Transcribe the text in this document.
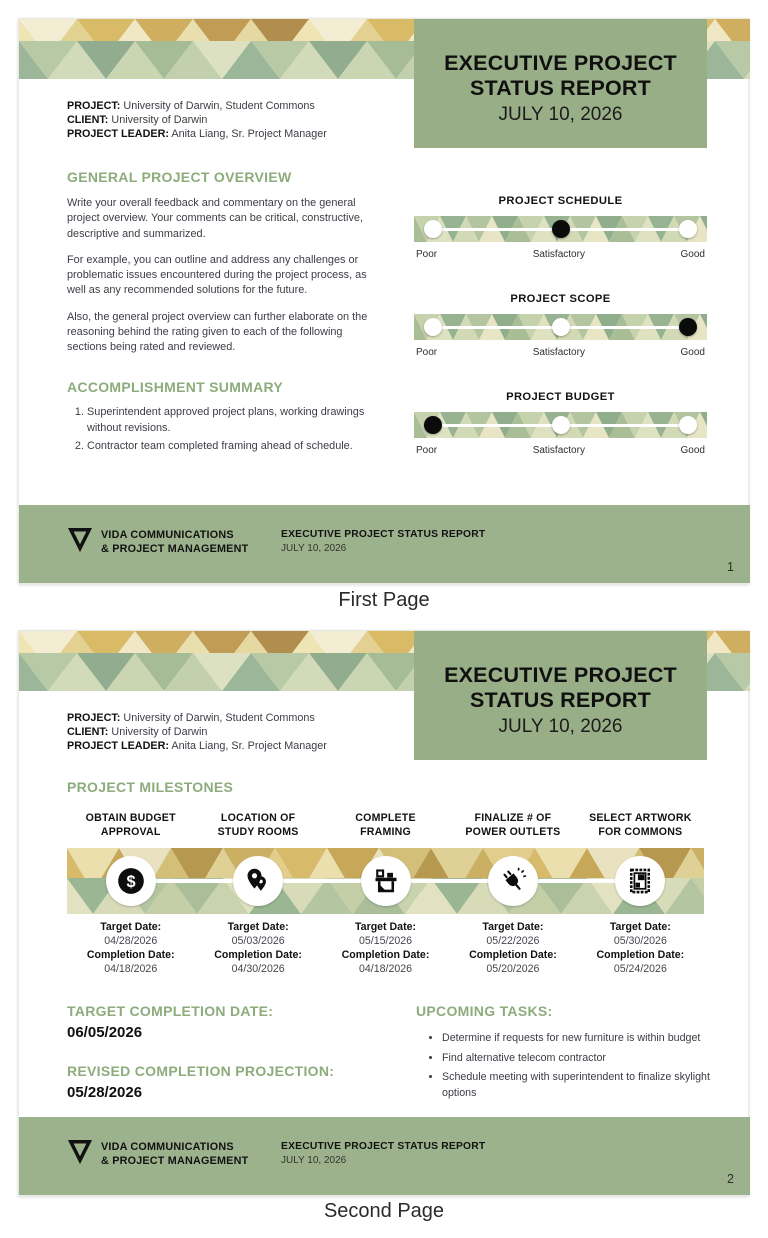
EXECUTIVE PROJECT STATUS REPORT
JULY 10, 2026
PROJECT: University of Darwin, Student Commons
CLIENT: University of Darwin
PROJECT LEADER: Anita Liang, Sr. Project Manager
GENERAL PROJECT OVERVIEW

Write your overall feedback and commentary on the general project overview. Your comments can be critical, constructive, descriptive and summarized.

For example, you can outline and address any challenges or problematic issues encountered during the project process, as well as any recommended solutions for the future.

Also, the general project overview can further elaborate on the reasoning behind the rating given to each of the following sections being rated and reviewed.

ACCOMPLISHMENT SUMMARY
1. Superintendent approved project plans, working drawings without revisions.
2. Contractor team completed framing ahead of schedule.
PROJECT SCHEDULE
Poor	Satisfactory	Good
PROJECT SCOPE
Poor	Satisfactory	Good
PROJECT BUDGET
Poor	Satisfactory	Good
VIDA COMMUNICATIONS
& PROJECT MANAGEMENT
EXECUTIVE PROJECT STATUS REPORT
JULY 10, 2026
1
First Page
EXECUTIVE PROJECT STATUS REPORT
JULY 10, 2026
PROJECT: University of Darwin, Student Commons
CLIENT: University of Darwin
PROJECT LEADER: Anita Liang, Sr. Project Manager
PROJECT MILESTONES
OBTAIN BUDGET APPROVAL
LOCATION OF STUDY ROOMS
COMPLETE FRAMING
FINALIZE # OF POWER OUTLETS
SELECT ARTWORK FOR COMMONS
$
Target Date:
04/28/2026
Completion Date:
04/18/2026
Target Date:
05/03/2026
Completion Date:
04/30/2026
Target Date:
05/15/2026
Completion Date:
04/18/2026
Target Date:
05/22/2026
Completion Date:
05/20/2026
Target Date:
05/30/2026
Completion Date:
05/24/2026
TARGET COMPLETION DATE:
06/05/2026
REVISED COMPLETION PROJECTION:
05/28/2026
UPCOMING TASKS:
• Determine if requests for new furniture is within budget
• Find alternative telecom contractor
• Schedule meeting with superintendent to finalize skylight options
VIDA COMMUNICATIONS
& PROJECT MANAGEMENT
EXECUTIVE PROJECT STATUS REPORT
JULY 10, 2026
2
Second Page
